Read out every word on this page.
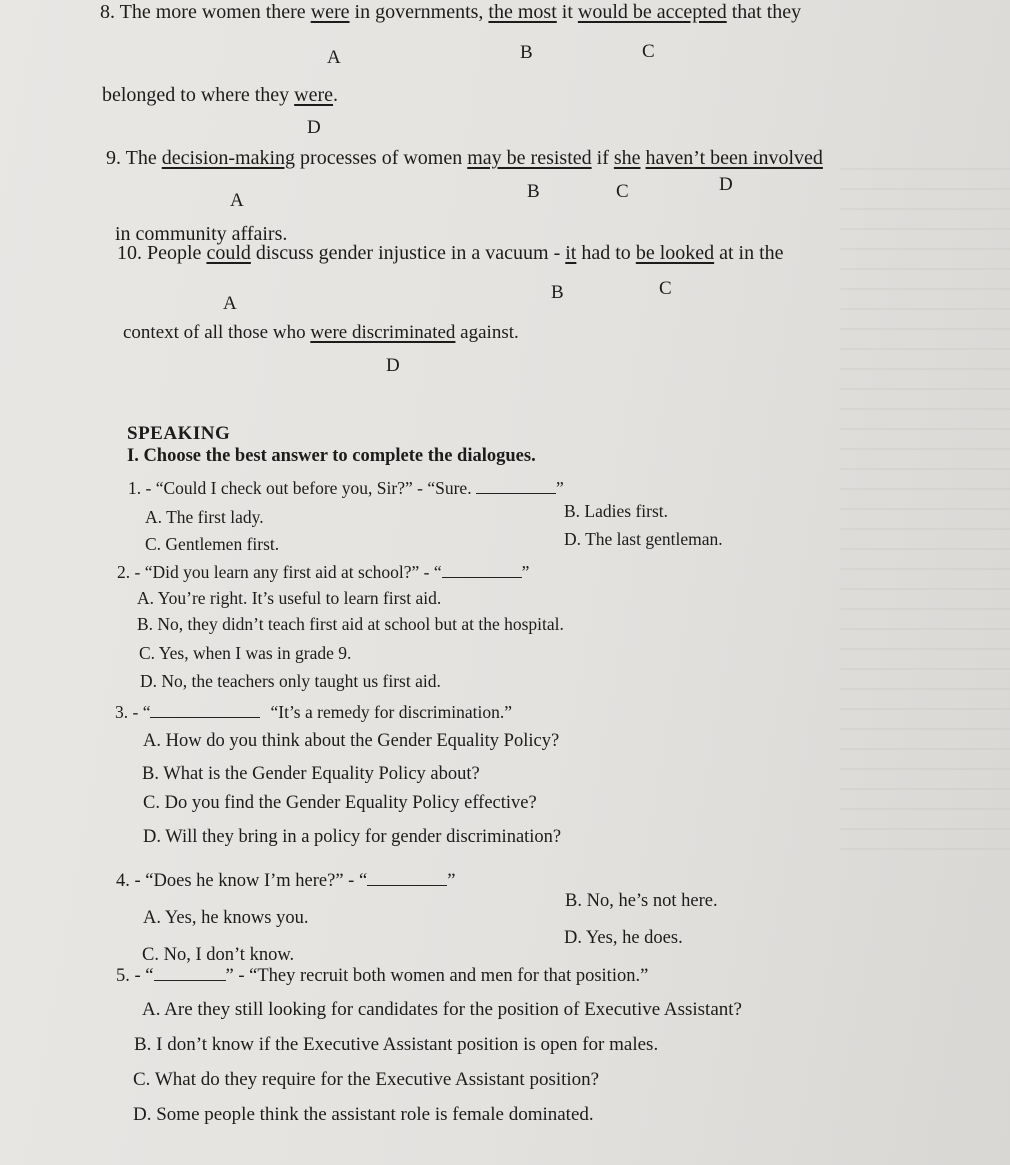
8. The more women there were in governments, the most it would be accepted that they
A	B	C
belonged to where they were.
D
9. The decision-making processes of women may be resisted if she haven’t been involved
A	B	C	D
in community affairs.
10. People could discuss gender injustice in a vacuum - it had to be looked at in the
A
B	C
context of all those who were discriminated against.
D
SPEAKING
I. Choose the best answer to complete the dialogues.
1. - “Could I check out before you, Sir?” - “Sure.	”
A. The first lady.	B. Ladies first.
C. Gentlemen first.	D. The last gentleman.
2. - “Did you learn any first aid at school?” - “	”
A. You’re right. It’s useful to learn first aid.
B. No, they didn’t teach first aid at school but at the hospital.
C. Yes, when I was in grade 9.
D. No, the teachers only taught us first aid.
3. - “	“It’s a remedy for discrimination.”
A. How do you think about the Gender Equality Policy?
B. What is the Gender Equality Policy about?
C. Do you find the Gender Equality Policy effective?
D. Will they bring in a policy for gender discrimination?
4. - “Does he know I’m here?” - “	”
B. No, he’s not here.
A. Yes, he knows you.
D. Yes, he does.
C. No, I don’t know.
5. - “	” - “They recruit both women and men for that position.”
A. Are they still looking for candidates for the position of Executive Assistant?
B. I don’t know if the Executive Assistant position is open for males.
C. What do they require for the Executive Assistant position?
D. Some people think the assistant role is female dominated.
